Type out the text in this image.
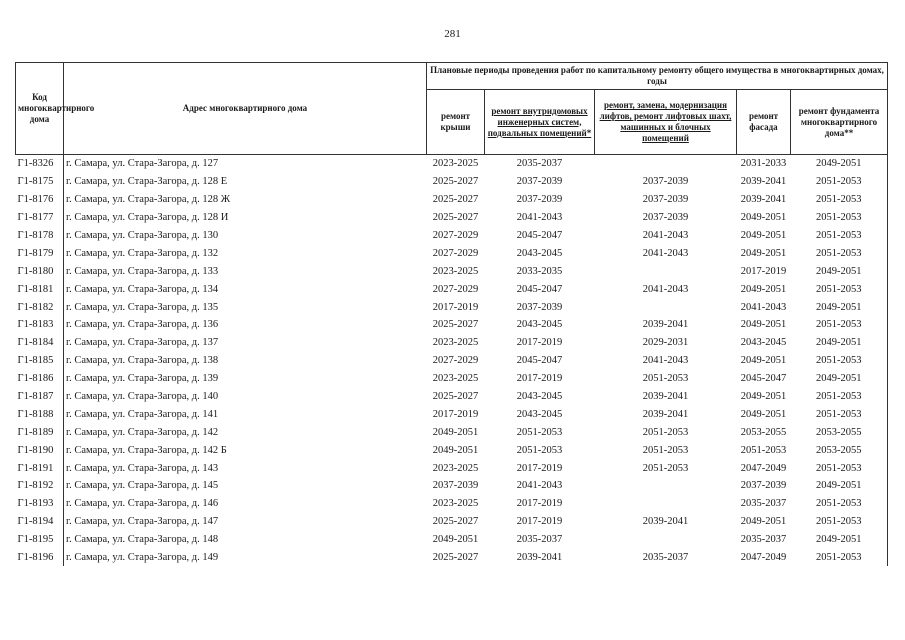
281
Код многоквартирного дома	Адрес многоквартирного дома	Плановые периоды проведения работ по капитальному ремонту общего имущества в многоквартирных домах, годы				
		ремонт крыши	ремонт внутридомовых инженерных систем, подвальных помещений*	ремонт, замена, модернизация лифтов, ремонт лифтовых шахт, машинных и блочных помещений	ремонт фасада	ремонт фундамента многоквартирного дома**
Г1-8326	г. Самара, ул. Стара-Загора, д. 127	2023-2025	2035-2037		2031-2033	2049-2051
Г1-8175	г. Самара, ул. Стара-Загора, д. 128 Е	2025-2027	2037-2039	2037-2039	2039-2041	2051-2053
Г1-8176	г. Самара, ул. Стара-Загора, д. 128 Ж	2025-2027	2037-2039	2037-2039	2039-2041	2051-2053
Г1-8177	г. Самара, ул. Стара-Загора, д. 128 И	2025-2027	2041-2043	2037-2039	2049-2051	2051-2053
Г1-8178	г. Самара, ул. Стара-Загора, д. 130	2027-2029	2045-2047	2041-2043	2049-2051	2051-2053
Г1-8179	г. Самара, ул. Стара-Загора, д. 132	2027-2029	2043-2045	2041-2043	2049-2051	2051-2053
Г1-8180	г. Самара, ул. Стара-Загора, д. 133	2023-2025	2033-2035		2017-2019	2049-2051
Г1-8181	г. Самара, ул. Стара-Загора, д. 134	2027-2029	2045-2047	2041-2043	2049-2051	2051-2053
Г1-8182	г. Самара, ул. Стара-Загора, д. 135	2017-2019	2037-2039		2041-2043	2049-2051
Г1-8183	г. Самара, ул. Стара-Загора, д. 136	2025-2027	2043-2045	2039-2041	2049-2051	2051-2053
Г1-8184	г. Самара, ул. Стара-Загора, д. 137	2023-2025	2017-2019	2029-2031	2043-2045	2049-2051
Г1-8185	г. Самара, ул. Стара-Загора, д. 138	2027-2029	2045-2047	2041-2043	2049-2051	2051-2053
Г1-8186	г. Самара, ул. Стара-Загора, д. 139	2023-2025	2017-2019	2051-2053	2045-2047	2049-2051
Г1-8187	г. Самара, ул. Стара-Загора, д. 140	2025-2027	2043-2045	2039-2041	2049-2051	2051-2053
Г1-8188	г. Самара, ул. Стара-Загора, д. 141	2017-2019	2043-2045	2039-2041	2049-2051	2051-2053
Г1-8189	г. Самара, ул. Стара-Загора, д. 142	2049-2051	2051-2053	2051-2053	2053-2055	2053-2055
Г1-8190	г. Самара, ул. Стара-Загора, д. 142 Б	2049-2051	2051-2053	2051-2053	2051-2053	2053-2055
Г1-8191	г. Самара, ул. Стара-Загора, д. 143	2023-2025	2017-2019	2051-2053	2047-2049	2051-2053
Г1-8192	г. Самара, ул. Стара-Загора, д. 145	2037-2039	2041-2043		2037-2039	2049-2051
Г1-8193	г. Самара, ул. Стара-Загора, д. 146	2023-2025	2017-2019		2035-2037	2051-2053
Г1-8194	г. Самара, ул. Стара-Загора, д. 147	2025-2027	2017-2019	2039-2041	2049-2051	2051-2053
Г1-8195	г. Самара, ул. Стара-Загора, д. 148	2049-2051	2035-2037		2035-2037	2049-2051
Г1-8196	г. Самара, ул. Стара-Загора, д. 149	2025-2027	2039-2041	2035-2037	2047-2049	2051-2053
